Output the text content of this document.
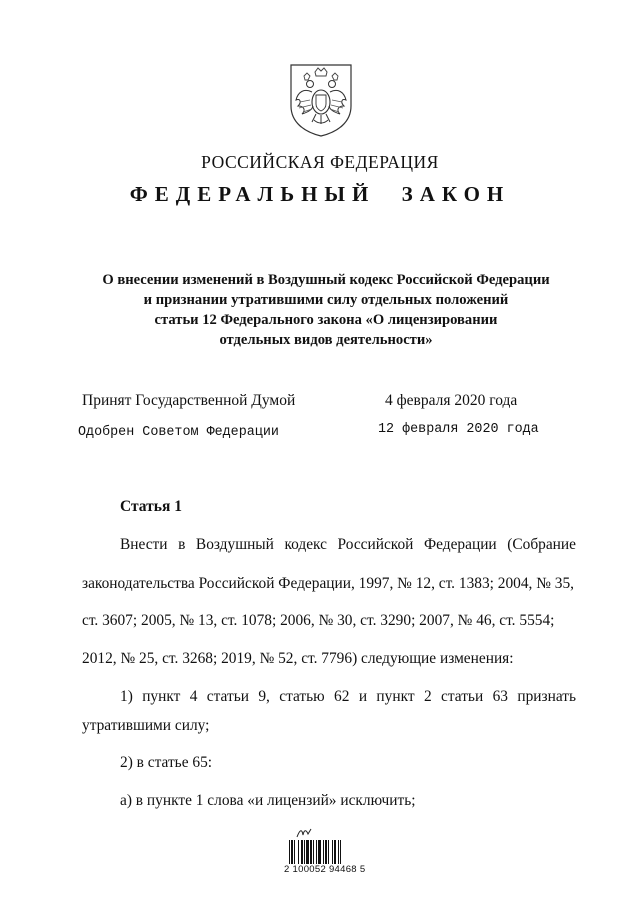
РОССИЙСКАЯ ФЕДЕРАЦИЯ
ФЕДЕРАЛЬНЫЙ ЗАКОН
О внесении изменений в Воздушный кодекс Российской Федерации
и признании утратившими силу отдельных положений
статьи 12 Федерального закона «О лицензировании
отдельных видов деятельности»
Принят Государственной Думой	4 февраля 2020 года
Одобрен Советом Федерации	12 февраля 2020 года
Статья 1
Внести в Воздушный кодекс Российской Федерации (Собрание
законодательства Российской Федерации, 1997, № 12, ст. 1383; 2004, № 35,
ст. 3607; 2005, № 13, ст. 1078; 2006, № 30, ст. 3290; 2007, № 46, ст. 5554;
2012, № 25, ст. 3268; 2019, № 52, ст. 7796) следующие изменения:
1) пункт 4 статьи 9, статью 62 и пункт 2 статьи 63 признать
утратившими силу;
2) в статье 65:
а) в пункте 1 слова «и лицензий» исключить;
2 100052 94468 5
